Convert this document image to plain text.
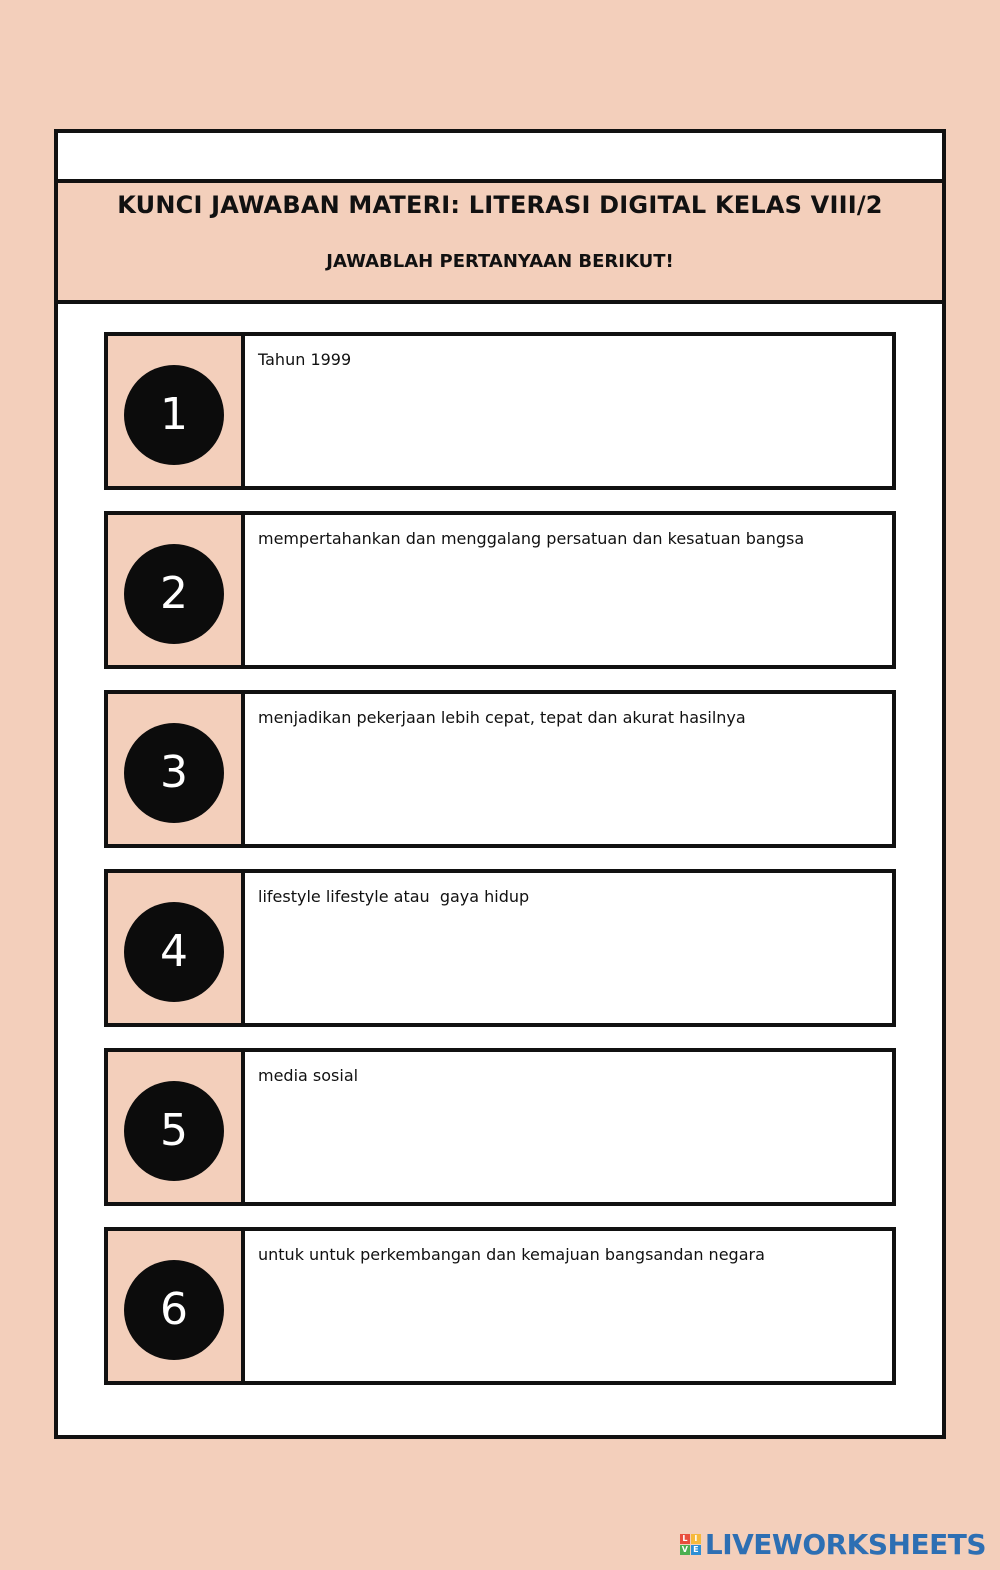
KUNCI JAWABAN MATERI: LITERASI DIGITAL KELAS VIII/2
JAWABLAH PERTANYAAN BERIKUT!
1
Tahun 1999
2
mempertahankan dan menggalang persatuan dan kesatuan bangsa
3
menjadikan pekerjaan lebih cepat, tepat dan akurat hasilnya
4
lifestyle lifestyle atau  gaya hidup
5
media sosial
6
untuk untuk perkembangan dan kemajuan bangsandan negara
L I
V E LIVEWORKSHEETS
